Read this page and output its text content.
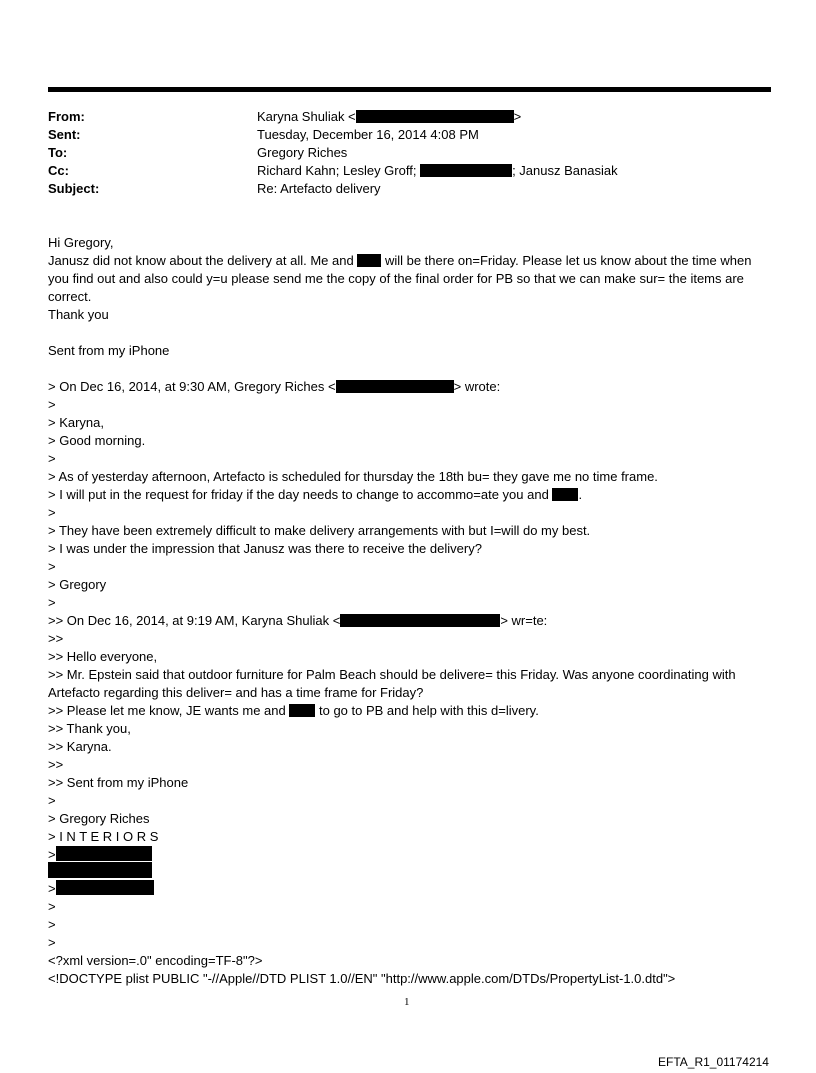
From:	Karyna Shuliak <	>
Sent:	Tuesday, December 16, 2014 4:08 PM
To:	Gregory Riches
Cc:	Richard Kahn; Lesley Groff;	; Janusz Banasiak
Subject:	Re: Artefacto delivery
Hi Gregory,
Janusz did not know about the delivery at all. Me and will be there on=Friday. Please let us know about the time when you find out and also could y=u please send me the copy of the final order for PB so that we can make sur= the items are correct.
Thank you
Sent from my iPhone
> On Dec 16, 2014, at 9:30 AM, Gregory Riches <	> wrote:
>
> Karyna,
> Good morning.
>
> As of yesterday afternoon, Artefacto is scheduled for thursday the 18th bu= they gave me no time frame.
> I will put in the request for friday if the day needs to change to accommo=ate you and .
>
> They have been extremely difficult to make delivery arrangements with but I=will do my best.
> I was under the impression that Janusz was there to receive the delivery?
>
> Gregory
>
>> On Dec 16, 2014, at 9:19 AM, Karyna Shuliak <	> wr=te:
>>
>> Hello everyone,
>> Mr. Epstein said that outdoor furniture for Palm Beach should be delivere= this Friday. Was anyone coordinating with Artefacto regarding this deliver= and has a time frame for Friday?
>> Please let me know, JE wants me and	to go to PB and help with this d=livery.
>> Thank you,
>> Karyna.
>>
>> Sent from my iPhone
>
> Gregory Riches
> I N T E R I O R S
>
>
>
>
>
<?xml version=.0" encoding=TF-8"?>
<!DOCTYPE plist PUBLIC "-//Apple//DTD PLIST 1.0//EN" "http://www.apple.com/DTDs/PropertyList-1.0.dtd">
1
EFTA_R1_01174214
